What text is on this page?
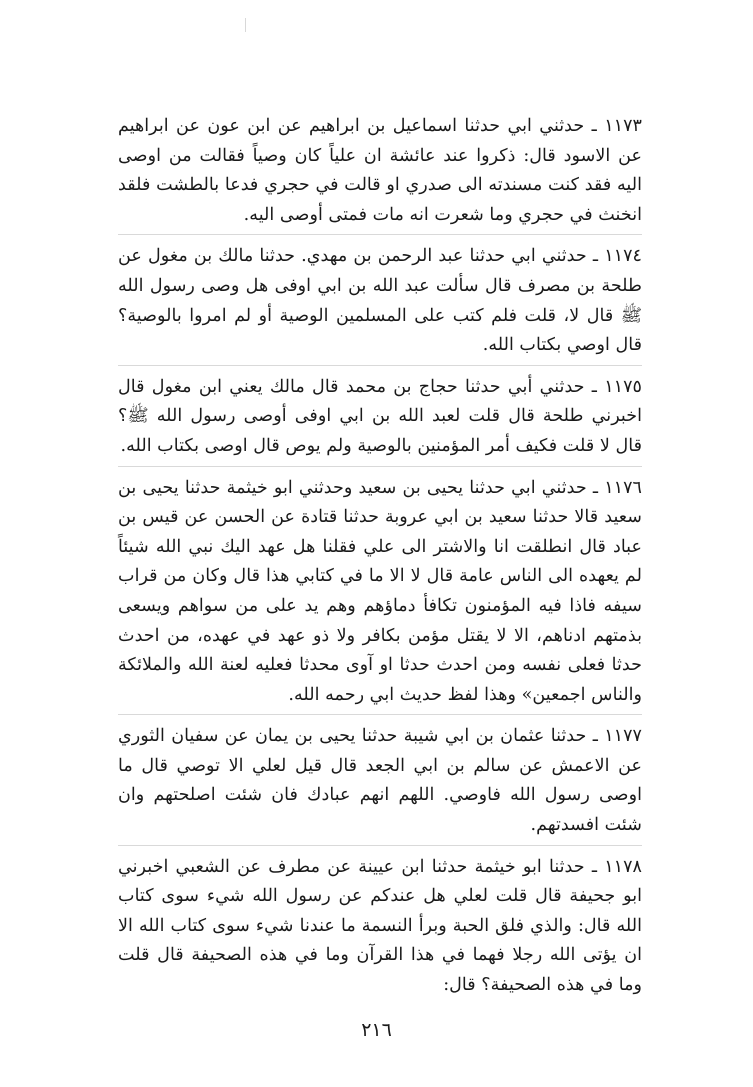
١١٧٣ ـ حدثني ابي حدثنا اسماعيل بن ابراهيم عن ابن عون عن ابراهيم عن الاسود قال: ذكروا عند عائشة ان علياً كان وصياً فقالت من اوصى اليه فقد كنت مسندته الى صدري او قالت في حجري فدعا بالطشت فلقد انخنث في حجري وما شعرت انه مات فمتى أوصى اليه.

١١٧٤ ـ حدثني ابي حدثنا عبد الرحمن بن مهدي. حدثنا مالك بن مغول عن طلحة بن مصرف قال سألت عبد الله بن ابي اوفى هل وصى رسول الله ﷺ قال لا، قلت فلم كتب على المسلمين الوصية أو لم امروا بالوصية؟ قال اوصي بكتاب الله.

١١٧٥ ـ حدثني أبي حدثنا حجاج بن محمد قال مالك يعني ابن مغول قال اخبرني طلحة قال قلت لعبد الله بن ابي اوفى أوصى رسول الله ﷺ؟ قال لا قلت فكيف أمر المؤمنين بالوصية ولم يوص قال اوصى بكتاب الله.

١١٧٦ ـ حدثني ابي حدثنا يحيى بن سعيد وحدثني ابو خيثمة حدثنا يحيى بن سعيد قالا حدثنا سعيد بن ابي عروبة حدثنا قتادة عن الحسن عن قيس بن عباد قال انطلقت انا والاشتر الى علي فقلنا هل عهد اليك نبي الله شيئاً لم يعهده الى الناس عامة قال لا الا ما في كتابي هذا قال وكان من قراب سيفه فاذا فيه المؤمنون تكافأ دماؤهم وهم يد على من سواهم ويسعى بذمتهم ادناهم، الا لا يقتل مؤمن بكافر ولا ذو عهد في عهده، من احدث حدثا فعلى نفسه ومن احدث حدثا او آوى محدثا فعليه لعنة الله والملائكة والناس اجمعين» وهذا لفظ حديث ابي رحمه الله.

١١٧٧ ـ حدثنا عثمان بن ابي شيبة حدثنا يحيى بن يمان عن سفيان الثوري عن الاعمش عن سالم بن ابي الجعد قال قيل لعلي الا توصي قال ما اوصى رسول الله فاوصي. اللهم انهم عبادك فان شئت اصلحتهم وان شئت افسدتهم.

١١٧٨ ـ حدثنا ابو خيثمة حدثنا ابن عيينة عن مطرف عن الشعبي اخبرني ابو جحيفة قال قلت لعلي هل عندكم عن رسول الله شيء سوى كتاب الله قال: والذي فلق الحبة وبرأ النسمة ما عندنا شيء سوى كتاب الله الا ان يؤتى الله رجلا فهما في هذا القرآن وما في هذه الصحيفة قال قلت وما في هذه الصحيفة؟ قال:

٢١٦
